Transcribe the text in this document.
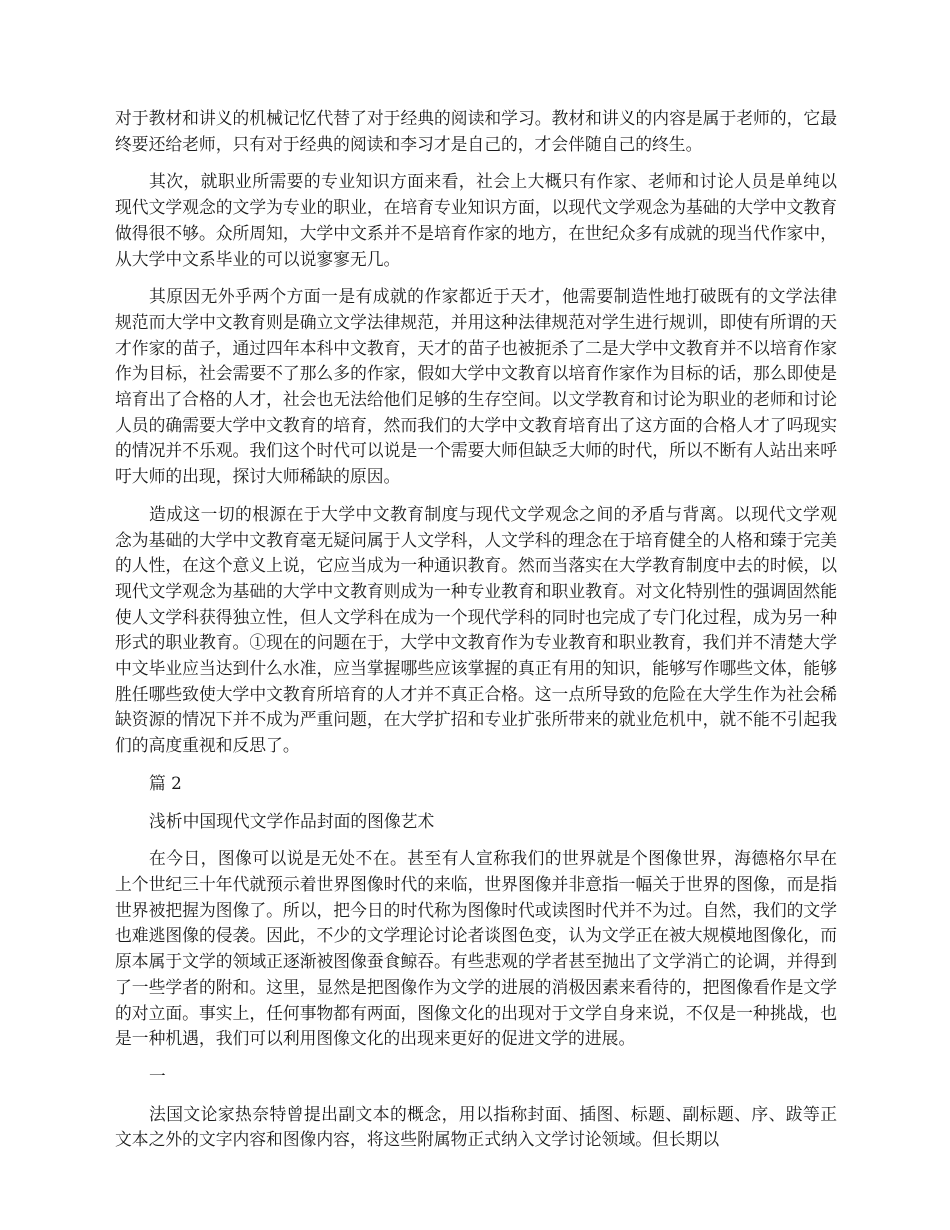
对于教材和讲义的机械记忆代替了对于经典的阅读和学习。教材和讲义的内容是属于老师的，它最终要还给老师，只有对于经典的阅读和李习才是自己的，才会伴随自己的终生。

其次，就职业所需要的专业知识方面来看，社会上大概只有作家、老师和讨论人员是单纯以现代文学观念的文学为专业的职业，在培育专业知识方面，以现代文学观念为基础的大学中文教育做得很不够。众所周知，大学中文系并不是培育作家的地方，在世纪众多有成就的现当代作家中，从大学中文系毕业的可以说寥寥无几。

其原因无外乎两个方面一是有成就的作家都近于天才，他需要制造性地打破既有的文学法律规范而大学中文教育则是确立文学法律规范，并用这种法律规范对学生进行规训，即使有所谓的天才作家的苗子，通过四年本科中文教育，天才的苗子也被扼杀了二是大学中文教育并不以培育作家作为目标，社会需要不了那么多的作家，假如大学中文教育以培育作家作为目标的话，那么即使是培育出了合格的人才，社会也无法给他们足够的生存空间。以文学教育和讨论为职业的老师和讨论人员的确需要大学中文教育的培育，然而我们的大学中文教育培育出了这方面的合格人才了吗现实的情况并不乐观。我们这个时代可以说是一个需要大师但缺乏大师的时代，所以不断有人站出来呼吁大师的出现，探讨大师稀缺的原因。

造成这一切的根源在于大学中文教育制度与现代文学观念之间的矛盾与背离。以现代文学观念为基础的大学中文教育毫无疑问属于人文学科，人文学科的理念在于培育健全的人格和臻于完美的人性，在这个意义上说，它应当成为一种通识教育。然而当落实在大学教育制度中去的时候，以现代文学观念为基础的大学中文教育则成为一种专业教育和职业教育。对文化特别性的强调固然能使人文学科获得独立性，但人文学科在成为一个现代学科的同时也完成了专门化过程，成为另一种形式的职业教育。①现在的问题在于，大学中文教育作为专业教育和职业教育，我们并不清楚大学中文毕业应当达到什么水准，应当掌握哪些应该掌握的真正有用的知识，能够写作哪些文体，能够胜任哪些致使大学中文教育所培育的人才并不真正合格。这一点所导致的危险在大学生作为社会稀缺资源的情况下并不成为严重问题，在大学扩招和专业扩张所带来的就业危机中，就不能不引起我们的高度重视和反思了。

篇 2

浅析中国现代文学作品封面的图像艺术

在今日，图像可以说是无处不在。甚至有人宣称我们的世界就是个图像世界，海德格尔早在上个世纪三十年代就预示着世界图像时代的来临，世界图像并非意指一幅关于世界的图像，而是指世界被把握为图像了。所以，把今日的时代称为图像时代或读图时代并不为过。自然，我们的文学也难逃图像的侵袭。因此，不少的文学理论讨论者谈图色变，认为文学正在被大规模地图像化，而原本属于文学的领域正逐渐被图像蚕食鲸吞。有些悲观的学者甚至抛出了文学消亡的论调，并得到了一些学者的附和。这里，显然是把图像作为文学的进展的消极因素来看待的，把图像看作是文学的对立面。事实上，任何事物都有两面，图像文化的出现对于文学自身来说，不仅是一种挑战，也是一种机遇，我们可以利用图像文化的出现来更好的促进文学的进展。

一

法国文论家热奈特曾提出副文本的概念，用以指称封面、插图、标题、副标题、序、跋等正文本之外的文字内容和图像内容，将这些附属物正式纳入文学讨论领域。但长期以
